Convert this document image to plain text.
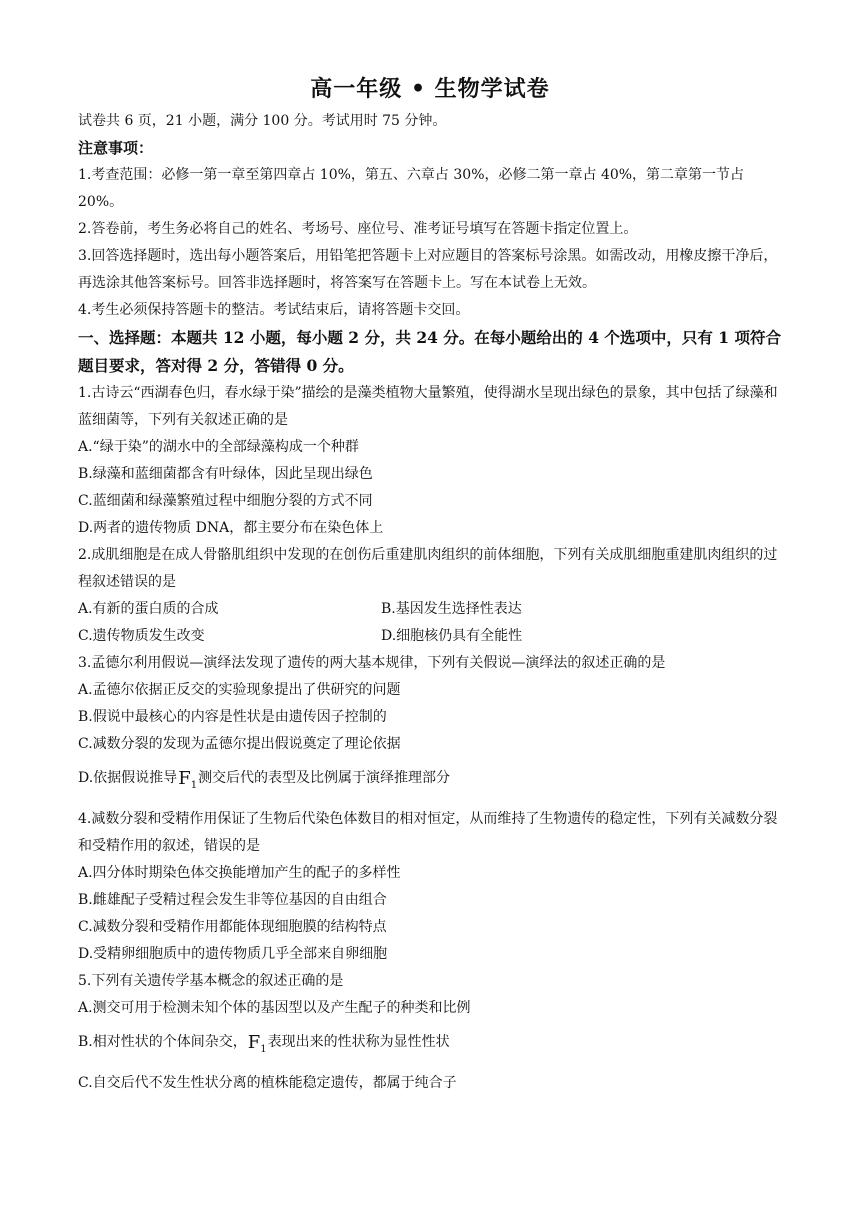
高一年级 • 生物学试卷

试卷共 6 页，21 小题，满分 100 分。考试用时 75 分钟。

注意事项：

1.考查范围：必修一第一章至第四章占 10%，第五、六章占 30%，必修二第一章占 40%，第二章第一节占 20%。

2.答卷前，考生务必将自己的姓名、考场号、座位号、准考证号填写在答题卡指定位置上。

3.回答选择题时，选出每小题答案后，用铅笔把答题卡上对应题目的答案标号涂黑。如需改动，用橡皮擦干净后，再选涂其他答案标号。回答非选择题时，将答案写在答题卡上。写在本试卷上无效。

4.考生必须保持答题卡的整洁。考试结束后，请将答题卡交回。

一、选择题：本题共 12 小题，每小题 2 分，共 24 分。在每小题给出的 4 个选项中，只有 1 项符合题目要求，答对得 2 分，答错得 0 分。

1.古诗云“西湖春色归，春水绿于染”描绘的是藻类植物大量繁殖，使得湖水呈现出绿色的景象，其中包括了绿藻和蓝细菌等，下列有关叙述正确的是

A.“绿于染”的湖水中的全部绿藻构成一个种群

B.绿藻和蓝细菌都含有叶绿体，因此呈现出绿色

C.蓝细菌和绿藻繁殖过程中细胞分裂的方式不同

D.两者的遗传物质 DNA，都主要分布在染色体上

2.成肌细胞是在成人骨骼肌组织中发现的在创伤后重建肌肉组织的前体细胞，下列有关成肌细胞重建肌肉组织的过程叙述错误的是

A.有新的蛋白质的合成	B.基因发生选择性表达
C.遗传物质发生改变	D.细胞核仍具有全能性

3.孟德尔利用假说—演绎法发现了遗传的两大基本规律，下列有关假说—演绎法的叙述正确的是

A.孟德尔依据正反交的实验现象提出了供研究的问题

B.假说中最核心的内容是性状是由遗传因子控制的

C.减数分裂的发现为孟德尔提出假说奠定了理论依据

D.依据假说推导$F_1$测交后代的表型及比例属于演绎推理部分

4.减数分裂和受精作用保证了生物后代染色体数目的相对恒定，从而维持了生物遗传的稳定性，下列有关减数分裂和受精作用的叙述，错误的是

A.四分体时期染色体交换能增加产生的配子的多样性

B.雌雄配子受精过程会发生非等位基因的自由组合

C.减数分裂和受精作用都能体现细胞膜的结构特点

D.受精卵细胞质中的遗传物质几乎全部来自卵细胞

5.下列有关遗传学基本概念的叙述正确的是

A.测交可用于检测未知个体的基因型以及产生配子的种类和比例

B.相对性状的个体间杂交，$F_1$表现出来的性状称为显性性状

C.自交后代不发生性状分离的植株能稳定遗传，都属于纯合子
